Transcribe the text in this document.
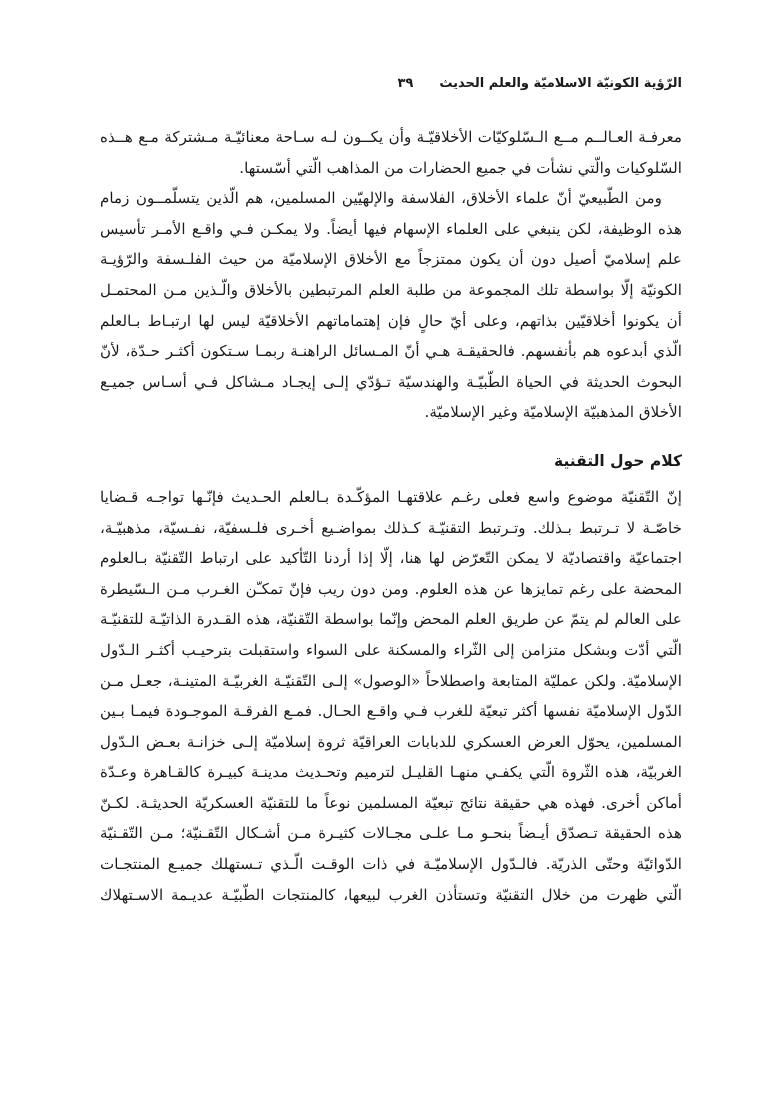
الرّؤية الكونيّة الاسلاميّة والعلم الحديث
٣٩

معرفـة العـالــم مــع الـسّلوكيّات الأخلاقيّـة وأن يكــون لـه سـاحة معنائيّـة مـشتركة مـع هــذه
السّلوكيات والّتي نشأت في جميع الحضارات من المذاهب الّتي أسّستها.

ومن الطّبيعيّ أنّ علماء الأخلاق، الفلاسفة والإلهيّين المسلمين، هم الّذين يتسلّمــون زمام
هذه الوظيفة، لكن ينبغي على العلماء الإسهام فيها أيضاً. ولا يمكـن فـي واقـع الأمـر تأسيس
علم إسلاميّ أصيل دون أن يكون ممتزجاً مع الأخلاق الإسلاميّة من حيث الفلـسفة والرّؤيـة
الكونيّة إلّا بواسطة تلك المجموعة من طلبة العلم المرتبطين بالأخلاق والّـذين مـن المحتمـل
أن يكونوا أخلاقيّين بذاتهم، وعلى أيّ حالٍ فإن إهتماماتهم الأخلاقيّة ليس لها ارتبـاط بـالعلم
الّذي أبدعوه هم بأنفسهم. فالحقيقـة هـي أنّ المـسائل الراهنـة ربمـا سـتكون أكثـر حـدّة، لأنّ
البحوث الحديثة في الحياة الطّبيّـة والهندسيّة تـؤدّي إلـى إيجـاد مـشاكل فـي أسـاس جميـع
الأخلاق المذهبيّة الإسلاميّة وغير الإسلاميّة.

كلام حول التقنية

إنّ التّقنيّة موضوع واسع فعلى رغـم علاقتهـا المؤكّـدة بـالعلم الحـديث فإنّـها تواجـه قـضايا
خاصّـة لا تـرتبط بـذلك. وتـرتبط التقنيّـة كـذلك بمواضـيع أخـرى فلـسفيّة، نفـسيّة، مذهبيّـة،
اجتماعيّة واقتصاديّة لا يمكن التّعرّض لها هنا، إلّا إذا أردنا التّأكيد على ارتباط التّقنيّة بـالعلوم
المحضة على رغم تمايزها عن هذه العلوم. ومن دون ريب فإنّ تمكـّن الغـرب مـن الـسّيطرة
على العالم لم يتمّ عن طريق العلم المحض وإنّما بواسطة التّقنيّة، هذه القـدرة الذاتيّـة للتقنيّـة
الّتي أدّت وبشكل متزامن إلى الثّراء والمسكنة على السواء واستقبلت بترحيـب أكثـر الـدّول
الإسلاميّة. ولكن عمليّة المتابعة واصطلاحاً «الوصول» إلـى التّقنيّـة الغربيّـة المتينـة، جعـل مـن
الدّول الإسلاميّة نفسها أكثر تبعيّة للغرب فـي واقـع الحـال. فمـع الفرقـة الموجـودة فيمـا بـين
المسلمين، يحوّل العرض العسكري للدبابات العراقيّة ثروة إسلاميّة إلـى خزانـة بعـض الـدّول
الغربيّة، هذه الثّروة الّتي يكفـي منهـا القليـل لترميم وتحـديث مدينـة كبيـرة كالقـاهرة وعـدّة
أماكن أخرى. فهذه هي حقيقة نتائج تبعيّة المسلمين نوعاً ما للتقنيّة العسكريّة الحديثـة. لكـنّ
هذه الحقيقة تـصدّق أيـضاً بنحـو مـا علـى مجـالات كثيـرة مـن أشـكال التّقـنيّة؛ مـن التّقـنيّة
الدّوائيّة وحتّى الذريّة. فالـدّول الإسلاميّـة في ذات الوقـت الّـذي تـستهلك جميـع المنتجـات
الّتي ظهرت من خلال التقنيّة وتستأذن الغرب لبيعها، كالمنتجات الطّبيّـة عديـمة الاسـتهلاك
